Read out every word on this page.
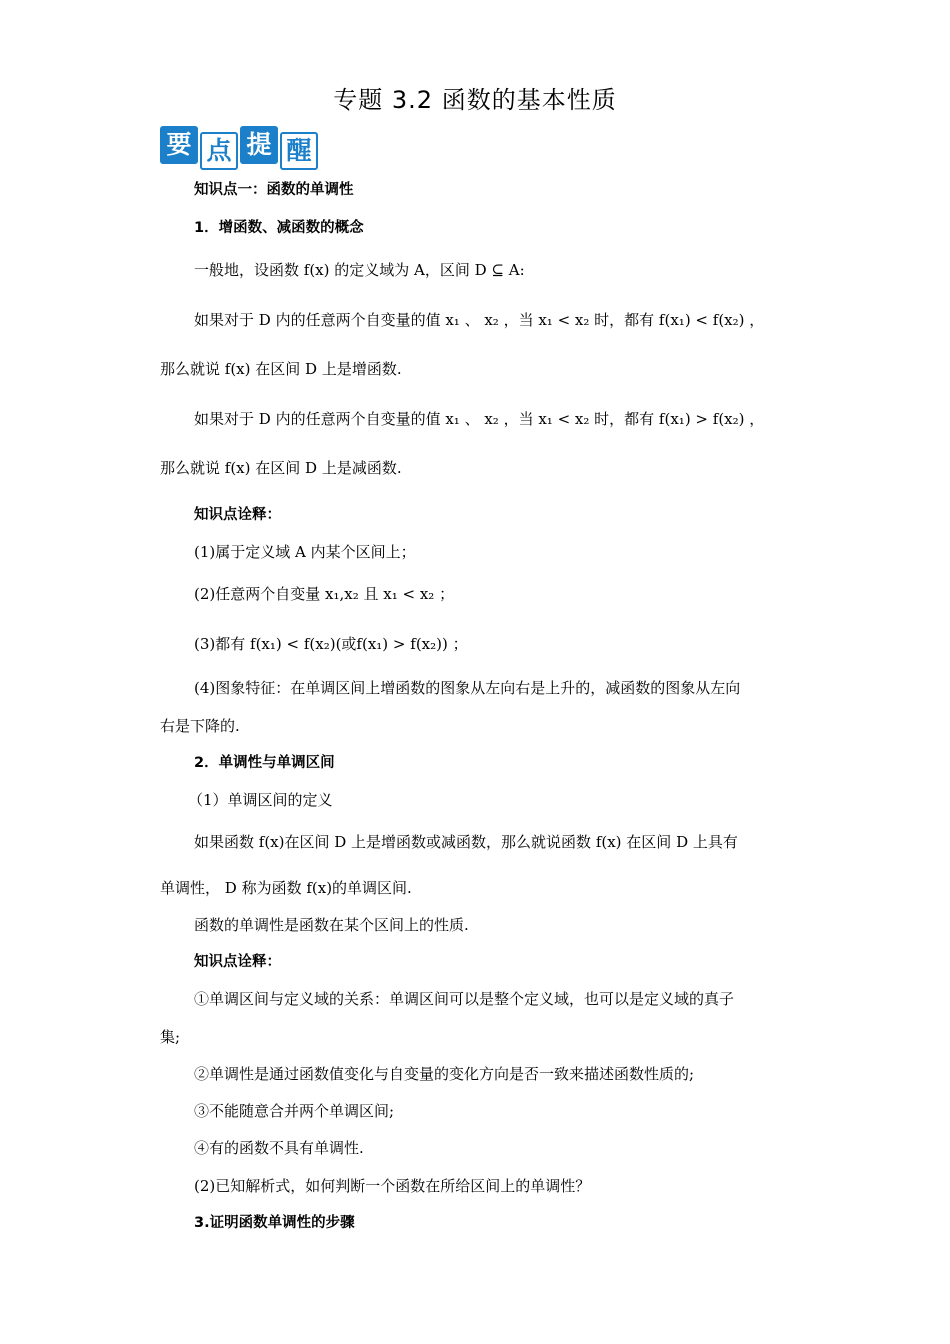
专题 3.2 函数的基本性质
要 点 提 醒
知识点一：函数的单调性
1．增函数、减函数的概念
一般地，设函数 f(x) 的定义域为 A，区间 D ⊆ A:
如果对于 D 内的任意两个自变量的值 x₁ 、 x₂ ，当 x₁ < x₂ 时，都有 f(x₁) < f(x₂) ，
那么就说 f(x) 在区间 D 上是增函数.
如果对于 D 内的任意两个自变量的值 x₁ 、 x₂ ，当 x₁ < x₂ 时，都有 f(x₁) > f(x₂) ，
那么就说 f(x) 在区间 D 上是减函数.
知识点诠释：
(1)属于定义域 A 内某个区间上；
(2)任意两个自变量 x₁,x₂ 且 x₁ < x₂ ；
(3)都有 f(x₁) < f(x₂)(或f(x₁) > f(x₂)) ；
(4)图象特征：在单调区间上增函数的图象从左向右是上升的，减函数的图象从左向
右是下降的.
2．单调性与单调区间
（1）单调区间的定义
如果函数 f(x)在区间 D 上是增函数或减函数，那么就说函数 f(x) 在区间 D 上具有
单调性， D 称为函数 f(x)的单调区间.
函数的单调性是函数在某个区间上的性质.
知识点诠释：
①单调区间与定义域的关系：单调区间可以是整个定义域，也可以是定义域的真子
集;
②单调性是通过函数值变化与自变量的变化方向是否一致来描述函数性质的;
③不能随意合并两个单调区间;
④有的函数不具有单调性.
(2)已知解析式，如何判断一个函数在所给区间上的单调性？
3.证明函数单调性的步骤
